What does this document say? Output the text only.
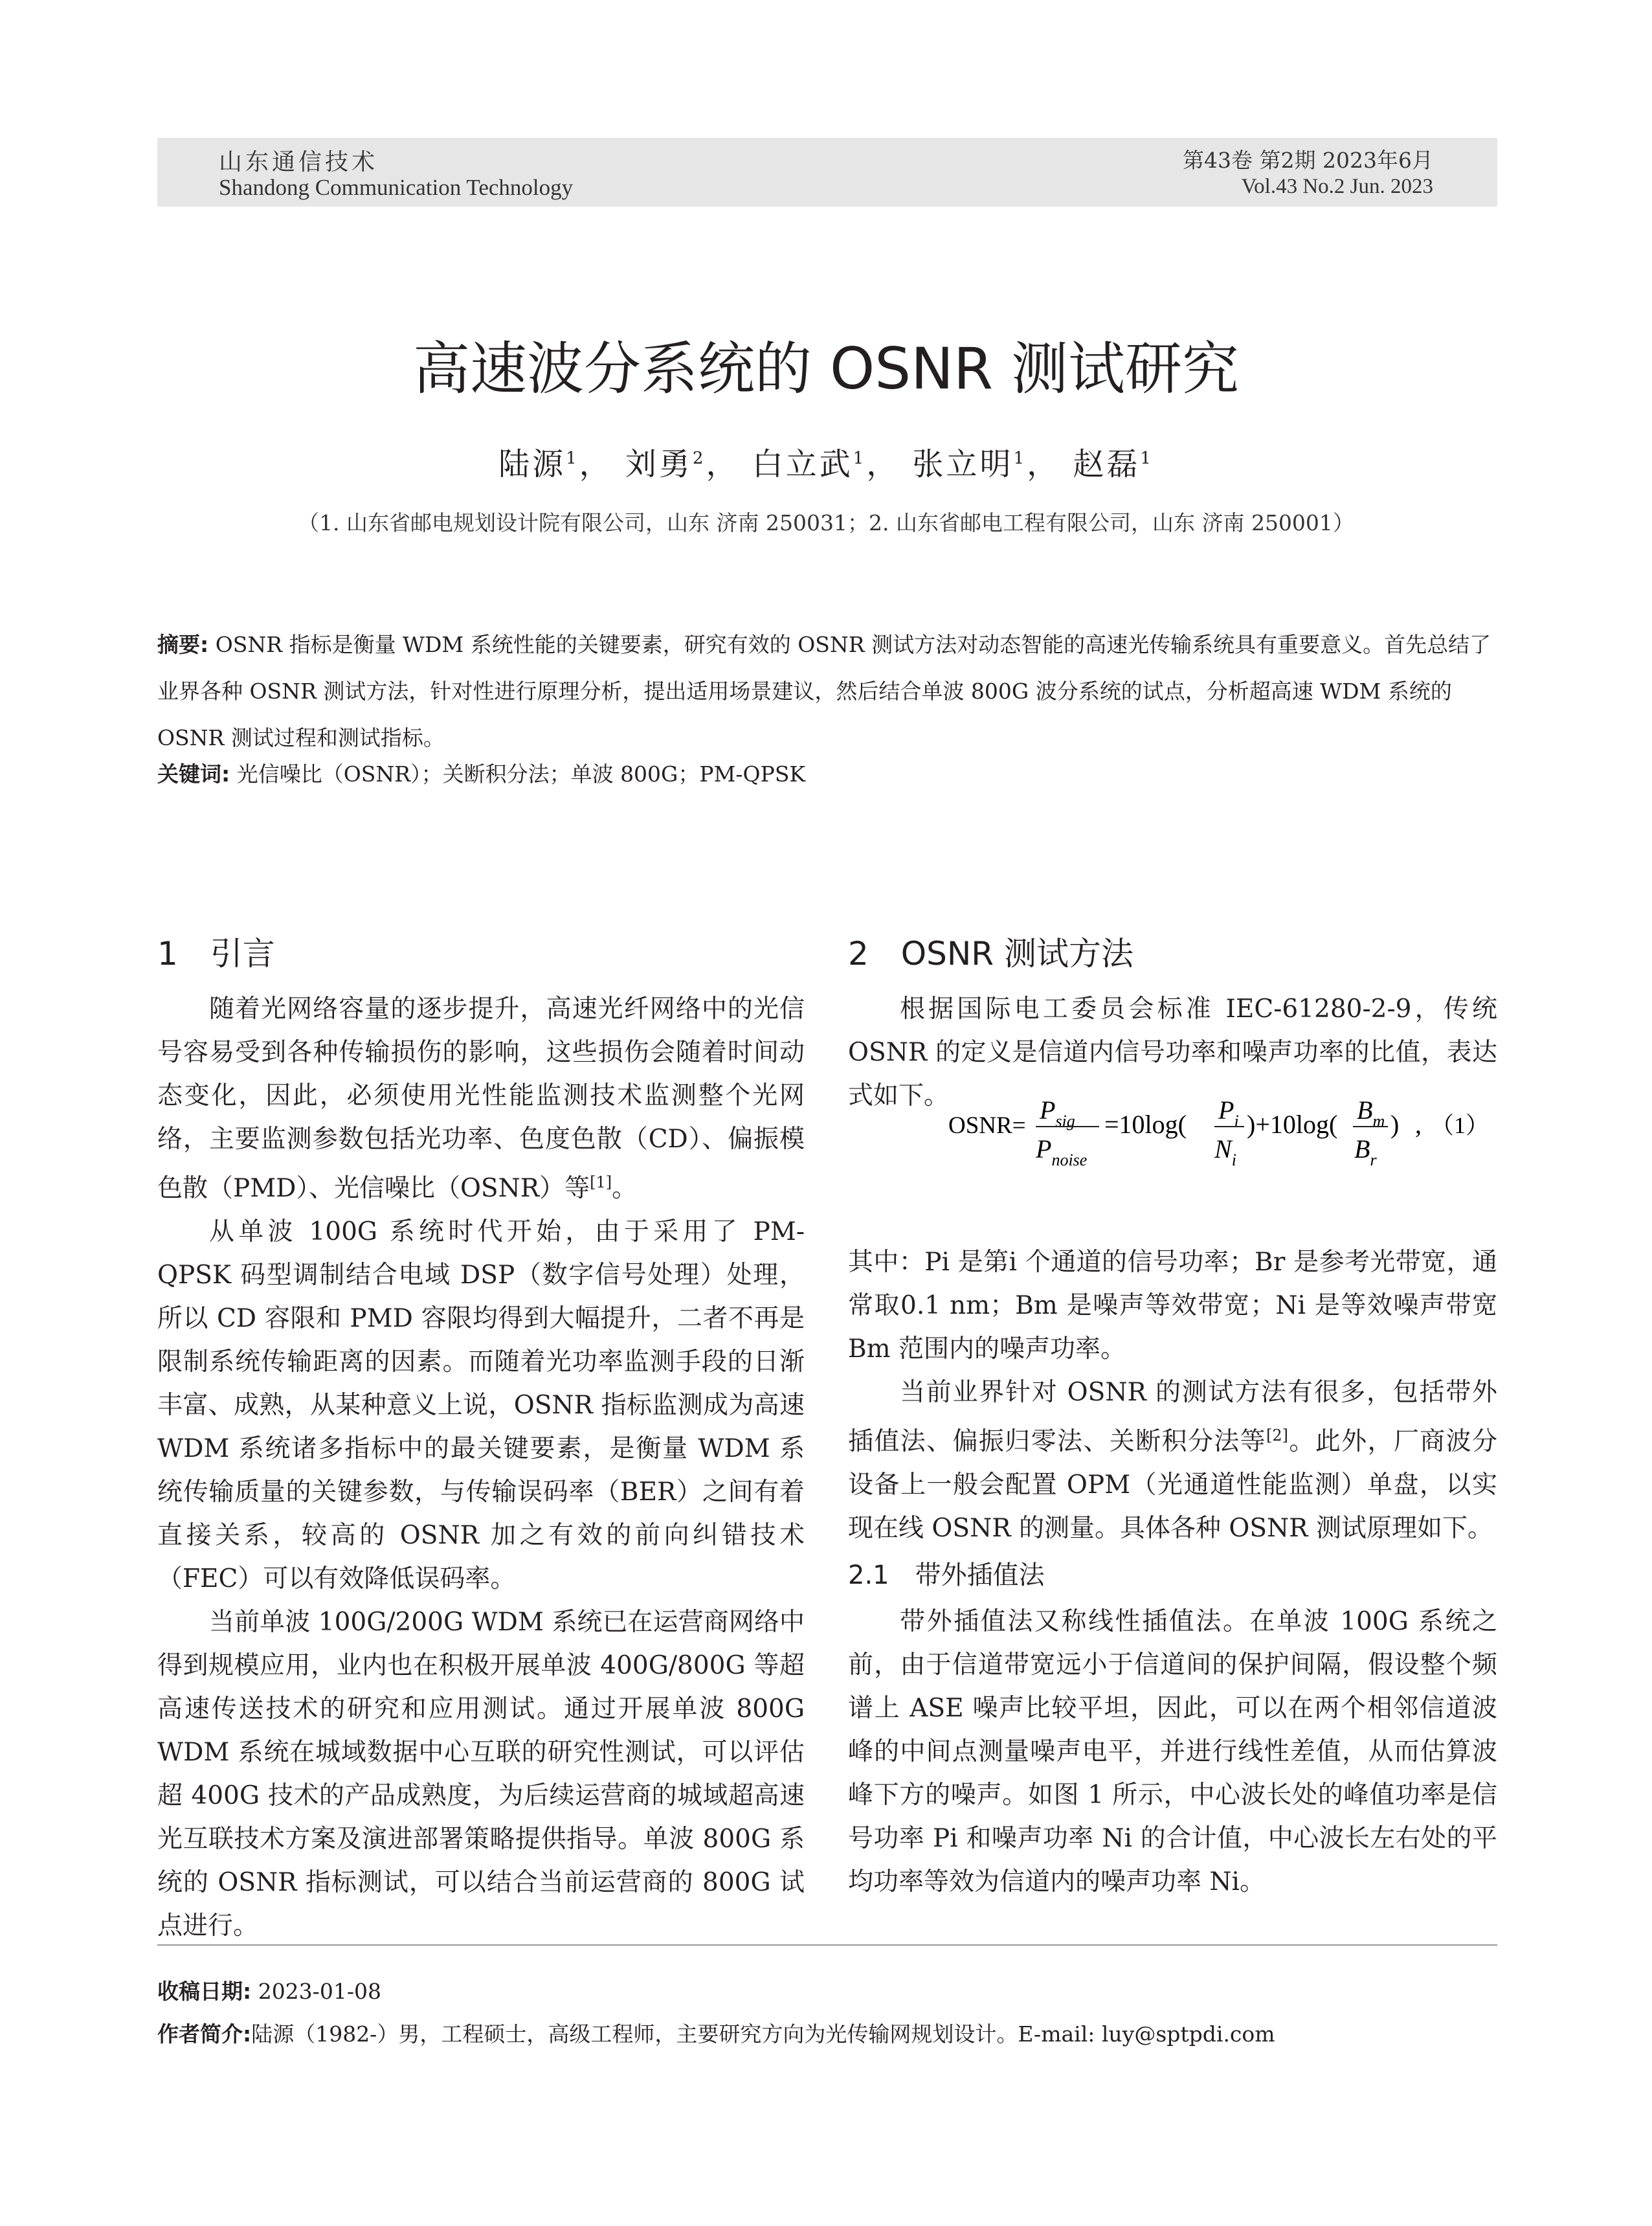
山东通信技术
Shandong Communication Technology
第43卷 第2期 2023年6月
Vol.43 No.2 Jun. 2023
高速波分系统的 OSNR 测试研究
陆源$^1$， 刘勇$^2$， 白立武$^1$， 张立明$^1$， 赵磊$^1$
（1. 山东省邮电规划设计院有限公司，山东 济南 250031；2. 山东省邮电工程有限公司，山东 济南 250001）
摘要: OSNR 指标是衡量 WDM 系统性能的关键要素，研究有效的 OSNR 测试方法对动态智能的高速光传输系统具有重要意义。首先总结了业界各种 OSNR 测试方法，针对性进行原理分析，提出适用场景建议，然后结合单波 800G 波分系统的试点，分析超高速 WDM 系统的 OSNR 测试过程和测试指标。
关键词: 光信噪比（OSNR）；关断积分法；单波 800G；PM-QPSK
1　引言

随着光网络容量的逐步提升，高速光纤网络中的光信号容易受到各种传输损伤的影响，这些损伤会随着时间动态变化，因此，必须使用光性能监测技术监测整个光网络，主要监测参数包括光功率、色度色散（CD）、偏振模色散（PMD）、光信噪比（OSNR）等[1]。

从单波 100G 系统时代开始，由于采用了 PM-QPSK 码型调制结合电域 DSP（数字信号处理）处理，所以 CD 容限和 PMD 容限均得到大幅提升，二者不再是限制系统传输距离的因素。而随着光功率监测手段的日渐丰富、成熟，从某种意义上说，OSNR 指标监测成为高速 WDM 系统诸多指标中的最关键要素，是衡量 WDM 系统传输质量的关键参数，与传输误码率（BER）之间有着直接关系，较高的 OSNR 加之有效的前向纠错技术（FEC）可以有效降低误码率。

当前单波 100G/200G WDM 系统已在运营商网络中得到规模应用，业内也在积极开展单波 400G/800G 等超高速传送技术的研究和应用测试。通过开展单波 800G WDM 系统在城域数据中心互联的研究性测试，可以评估超 400G 技术的产品成熟度，为后续运营商的城域超高速光互联技术方案及演进部署策略提供指导。单波 800G 系统的 OSNR 指标测试，可以结合当前运营商的 800G 试点进行。

2　OSNR 测试方法

根据国际电工委员会标准 IEC-61280-2-9，传统 OSNR 的定义是信道内信号功率和噪声功率的比值，表达式如下。

其中：Pi 是第i 个通道的信号功率；Br 是参考光带宽，通常取0.1 nm；Bm 是噪声等效带宽；Ni 是等效噪声带宽Bm 范围内的噪声功率。

当前业界针对 OSNR 的测试方法有很多，包括带外插值法、偏振归零法、关断积分法等[2]。此外，厂商波分设备上一般会配置 OPM（光通道性能监测）单盘，以实现在线 OSNR 的测量。具体各种 OSNR 测试原理如下。

2.1　带外插值法

带外插值法又称线性插值法。在单波 100G 系统之前，由于信道带宽远小于信道间的保护间隔，假设整个频谱上 ASE 噪声比较平坦，因此，可以在两个相邻信道波峰的中间点测量噪声电平，并进行线性差值，从而估算波峰下方的噪声。如图 1 所示，中心波长处的峰值功率是信号功率 Pi 和噪声功率 Ni 的合计值，中心波长左右处的平均功率等效为信道内的噪声功率 Ni。

OSNR=
$P_{sig}$
$P_{noise}$
=10log( $P_i$
$N_i$
)+10log( $B_m$
$B_r$
) , （1）
收稿日期: 2023-01-08
作者简介:陆源（1982-）男，工程硕士，高级工程师，主要研究方向为光传输网规划设计。E-mail: luy@sptpdi.com
